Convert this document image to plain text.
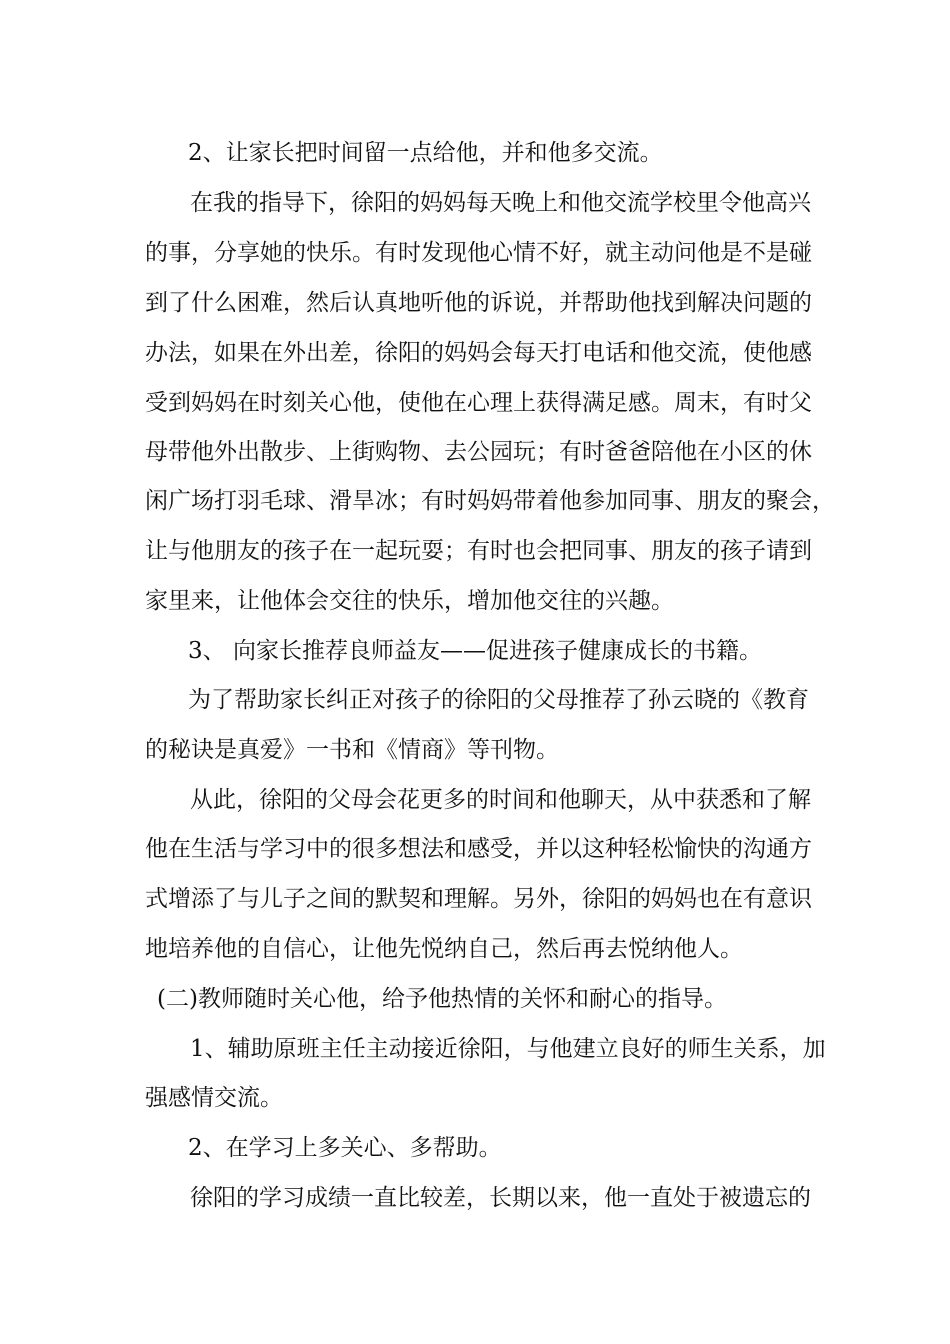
2、让家长把时间留一点给他，并和他多交流。
在我的指导下，徐阳的妈妈每天晚上和他交流学校里令他高兴
的事，分享她的快乐。有时发现他心情不好，就主动问他是不是碰
到了什么困难，然后认真地听他的诉说，并帮助他找到解决问题的
办法，如果在外出差，徐阳的妈妈会每天打电话和他交流，使他感
受到妈妈在时刻关心他，使他在心理上获得满足感。周末，有时父
母带他外出散步、上街购物、去公园玩；有时爸爸陪他在小区的休
闲广场打羽毛球、滑旱冰；有时妈妈带着他参加同事、朋友的聚会，
让与他朋友的孩子在一起玩耍；有时也会把同事、朋友的孩子请到
家里来，让他体会交往的快乐，增加他交往的兴趣。
3、 向家长推荐良师益友——促进孩子健康成长的书籍。
为了帮助家长纠正对孩子的徐阳的父母推荐了孙云晓的《教育
的秘诀是真爱》一书和《情商》等刊物。
从此，徐阳的父母会花更多的时间和他聊天，从中获悉和了解
他在生活与学习中的很多想法和感受，并以这种轻松愉快的沟通方
式增添了与儿子之间的默契和理解。另外，徐阳的妈妈也在有意识
地培养他的自信心，让他先悦纳自己，然后再去悦纳他人。
(二)教师随时关心他，给予他热情的关怀和耐心的指导。
1、辅助原班主任主动接近徐阳，与他建立良好的师生关系，加
强感情交流。
2、在学习上多关心、多帮助。
徐阳的学习成绩一直比较差，长期以来，他一直处于被遗忘的
